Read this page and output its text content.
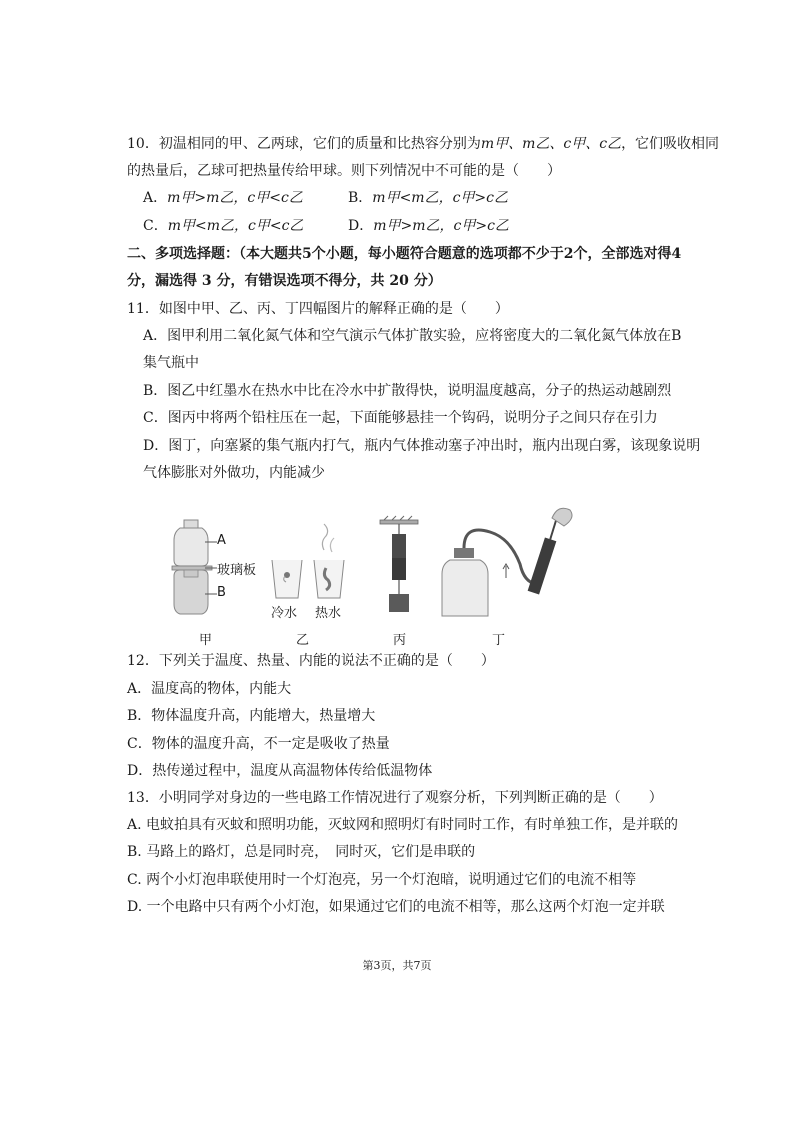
10．初温相同的甲、乙两球，它们的质量和比热容分别为m甲、m乙、c甲、c乙，它们吸收相同
的热量后，乙球可把热量传给甲球。则下列情况中不可能的是（　　）
A．m甲>m乙，c甲<c乙	B．m甲<m乙，c甲>c乙
C．m甲<m乙，c甲<c乙	D．m甲>m乙，c甲>c乙
二、多项选择题：（本大题共5个小题，每小题符合题意的选项都不少于2个，全部选对得4
分，漏选得 3 分，有错误选项不得分，共 20 分）
11．如图中甲、乙、丙、丁四幅图片的解释正确的是（　　）
A．图甲利用二氧化氮气体和空气演示气体扩散实验，应将密度大的二氧化氮气体放在B
集气瓶中
B．图乙中红墨水在热水中比在冷水中扩散得快，说明温度越高，分子的热运动越剧烈
C．图丙中将两个铅柱压在一起，下面能够悬挂一个钩码，说明分子之间只存在引力
D．图丁，向塞紧的集气瓶内打气，瓶内气体推动塞子冲出时，瓶内出现白雾，该现象说明
气体膨胀对外做功，内能减少
A
玻璃板
B
冷水 热水
甲	乙	丙	丁
12．下列关于温度、热量、内能的说法不正确的是（　　）
A．温度高的物体，内能大
B．物体温度升高，内能增大，热量增大
C．物体的温度升高，不一定是吸收了热量
D．热传递过程中，温度从高温物体传给低温物体
13．小明同学对身边的一些电路工作情况进行了观察分析，下列判断正确的是（　　）
A. 电蚊拍具有灭蚊和照明功能，灭蚊网和照明灯有时同时工作，有时单独工作，是并联的
B. 马路上的路灯，总是同时亮，　同时灭，它们是串联的
C. 两个小灯泡串联使用时一个灯泡亮，另一个灯泡暗，说明通过它们的电流不相等
D. 一个电路中只有两个小灯泡，如果通过它们的电流不相等，那么这两个灯泡一定并联
第3页，共7页
